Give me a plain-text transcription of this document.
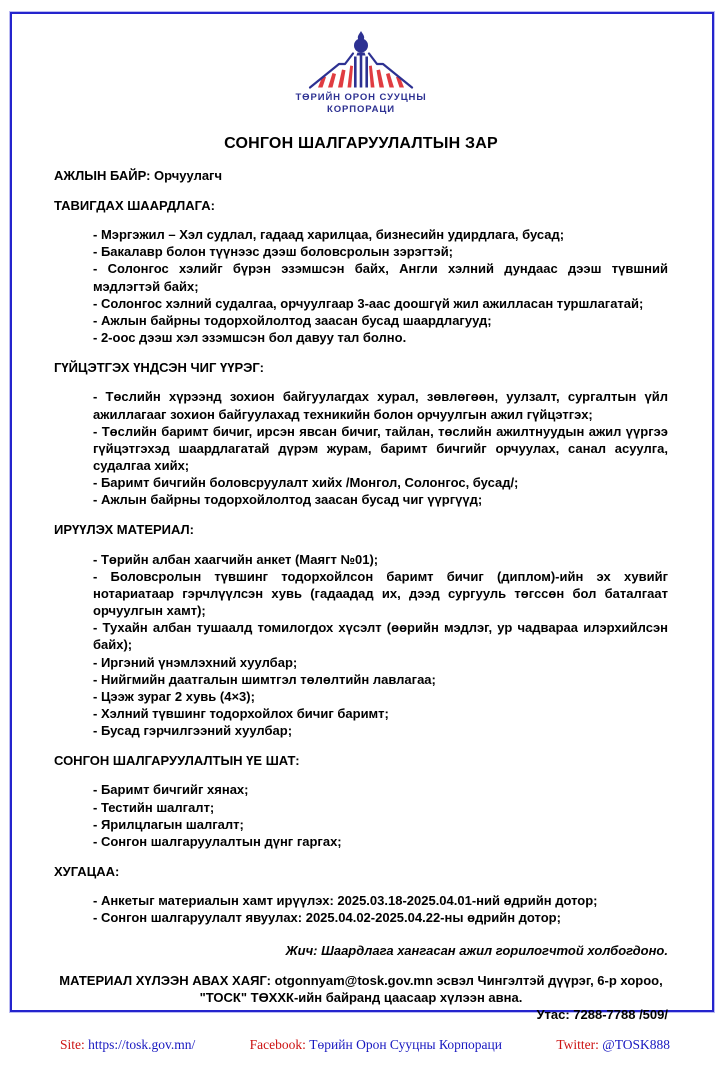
ТӨРИЙН ОРОН СУУЦНЫ
КОРПОРАЦИ
СОНГОН ШАЛГАРУУЛАЛТЫН ЗАР
АЖЛЫН БАЙР: Орчуулагч
ТАВИГДАХ ШААРДЛАГА:
- Мэргэжил – Хэл судлал, гадаад харилцаа, бизнесийн удирдлага, бусад;
- Бакалавр болон түүнээс дээш боловсролын зэрэгтэй;
- Солонгос хэлийг бүрэн эзэмшсэн байх, Англи хэлний дундаас дээш түвшний мэдлэгтэй байх;
- Солонгос хэлний судалгаа, орчуулгаар 3-аас доошгүй жил ажилласан туршлагатай;
- Ажлын байрны тодорхойлолтод заасан бусад шаардлагууд;
- 2-оос дээш хэл эзэмшсэн бол давуу тал болно.
ГҮЙЦЭТГЭХ ҮНДСЭН ЧИГ ҮҮРЭГ:
- Төслийн хүрээнд зохион байгуулагдах хурал, зөвлөгөөн, уулзалт, сургалтын үйл ажиллагааг зохион байгуулахад техникийн болон орчуулгын ажил гүйцэтгэх;
- Төслийн баримт бичиг, ирсэн явсан бичиг, тайлан, төслийн ажилтнуудын ажил үүргээ гүйцэтгэхэд шаардлагатай дүрэм журам, баримт бичгийг орчуулах, санал асуулга, судалгаа хийх;
- Баримт бичгийн боловсруулалт хийх /Монгол, Солонгос, бусад/;
- Ажлын байрны тодорхойлолтод заасан бусад чиг үүргүүд;
ИРҮҮЛЭХ МАТЕРИАЛ:
- Төрийн албан хаагчийн анкет (Маягт №01);
- Боловсролын түвшинг тодорхойлсон баримт бичиг (диплом)-ийн эх хувийг нотариатаар гэрчлүүлсэн хувь (гадаадад их, дээд сургууль төгссөн бол баталгаат орчуулгын хамт);
- Тухайн албан тушаалд томилогдох хүсэлт (өөрийн мэдлэг, ур чадвараа илэрхийлсэн байх);
- Иргэний үнэмлэхний хуулбар;
- Нийгмийн даатгалын шимтгэл төлөлтийн лавлагаа;
- Цээж зураг 2 хувь (4×3);
- Хэлний түвшинг тодорхойлох бичиг баримт;
- Бусад гэрчилгээний хуулбар;
СОНГОН ШАЛГАРУУЛАЛТЫН ҮЕ ШАТ:
- Баримт бичгийг хянах;
- Тестийн шалгалт;
- Ярилцлагын шалгалт;
- Сонгон шалгаруулалтын дүнг гаргах;
ХУГАЦАА:
- Анкетыг материалын хамт ирүүлэх: 2025.03.18-2025.04.01-ний өдрийн дотор;
- Сонгон шалгаруулалт явуулах: 2025.04.02-2025.04.22-ны өдрийн дотор;
Жич: Шаардлага хангасан ажил горилогчтой холбогдоно.
МАТЕРИАЛ ХҮЛЭЭН АВАХ ХАЯГ: otgonnyam@tosk.gov.mn эсвэл Чингэлтэй дүүрэг, 6-р хороо,
"ТОСК" ТӨХХК-ийн байранд цаасаар хүлээн авна.
Утас: 7288-7788 /509/
Site: https://tosk.gov.mn/	Facebook: Төрийн Орон Сууцны Корпораци	Twitter: @TOSK888
